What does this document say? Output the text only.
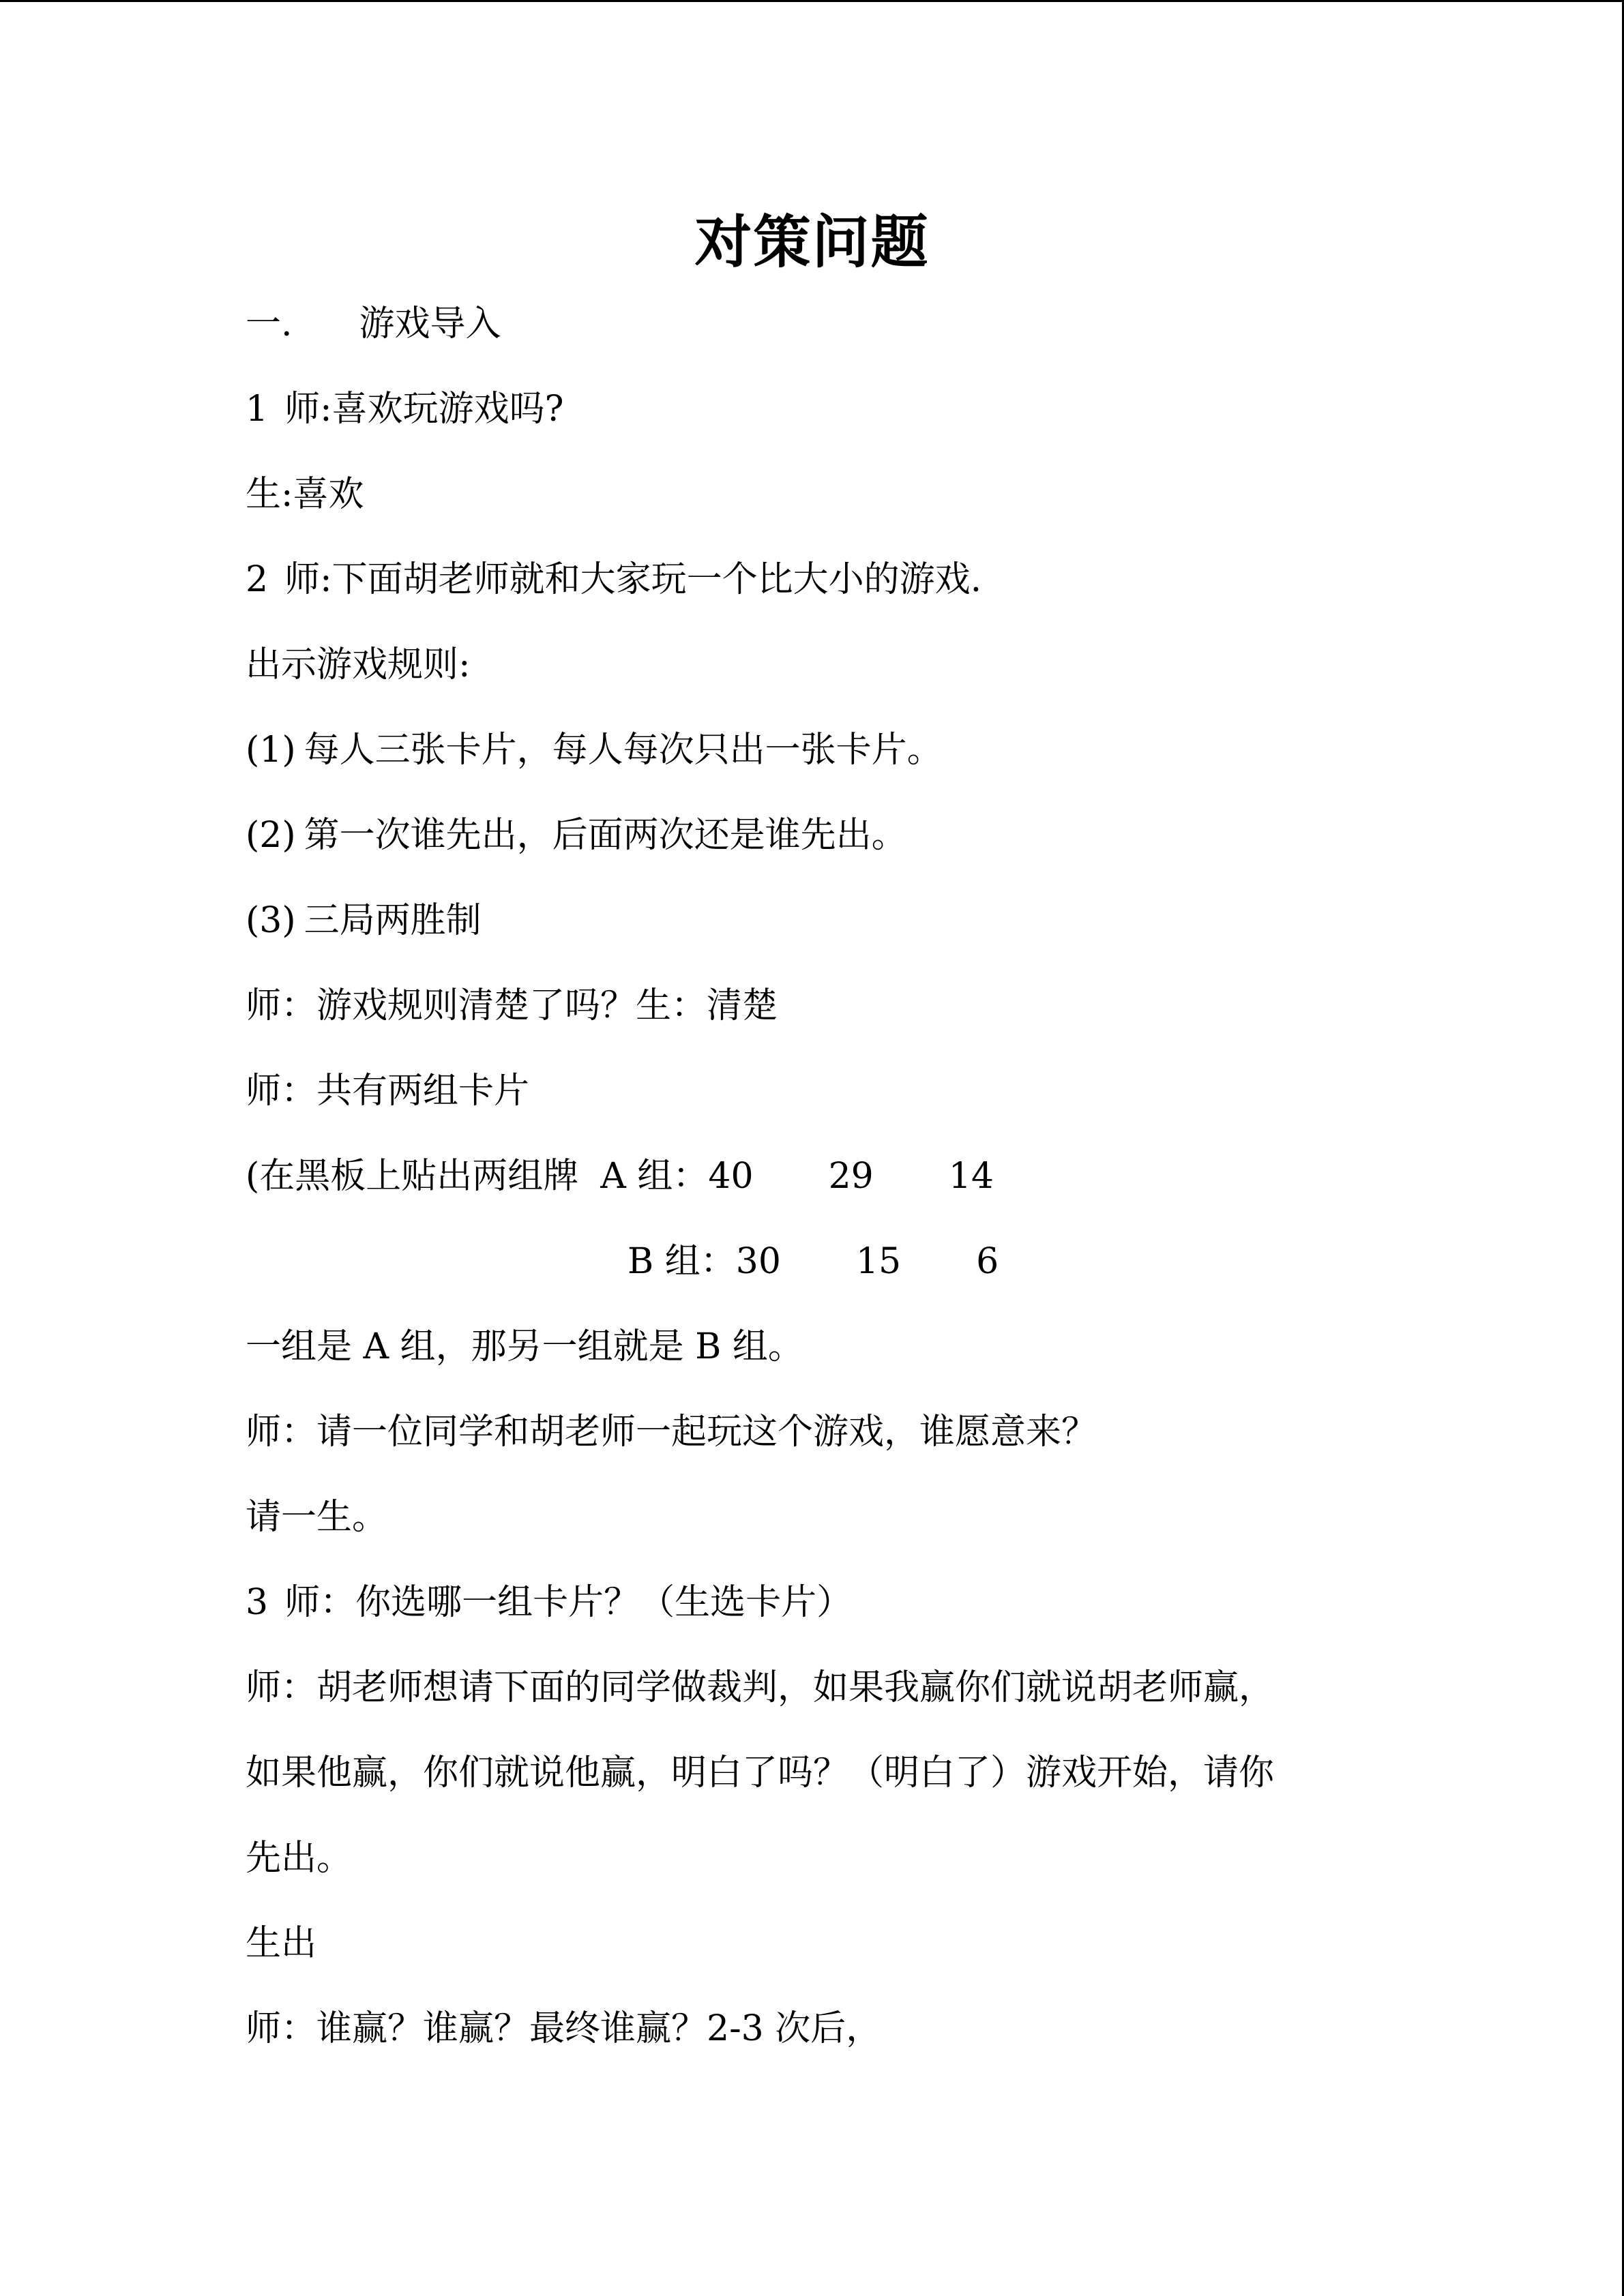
对策问题
一. 游戏导入
1 师:喜欢玩游戏吗?
生:喜欢
2 师:下面胡老师就和大家玩一个比大小的游戏.
出示游戏规则:
(1) 每人三张卡片，每人每次只出一张卡片。
(2) 第一次谁先出，后面两次还是谁先出。
(3) 三局两胜制
师：游戏规则清楚了吗？生：清楚
师：共有两组卡片
(在黑板上贴出两组牌 A 组：40 29 14
B 组：30 15 6
一组是 A 组，那另一组就是 B 组。
师：请一位同学和胡老师一起玩这个游戏，谁愿意来？
请一生。
3 师：你选哪一组卡片？（生选卡片）
师：胡老师想请下面的同学做裁判，如果我赢你们就说胡老师赢，
如果他赢，你们就说他赢，明白了吗？（明白了）游戏开始，请你
先出。
生出
师：谁赢？谁赢？最终谁赢？2-3 次后，
